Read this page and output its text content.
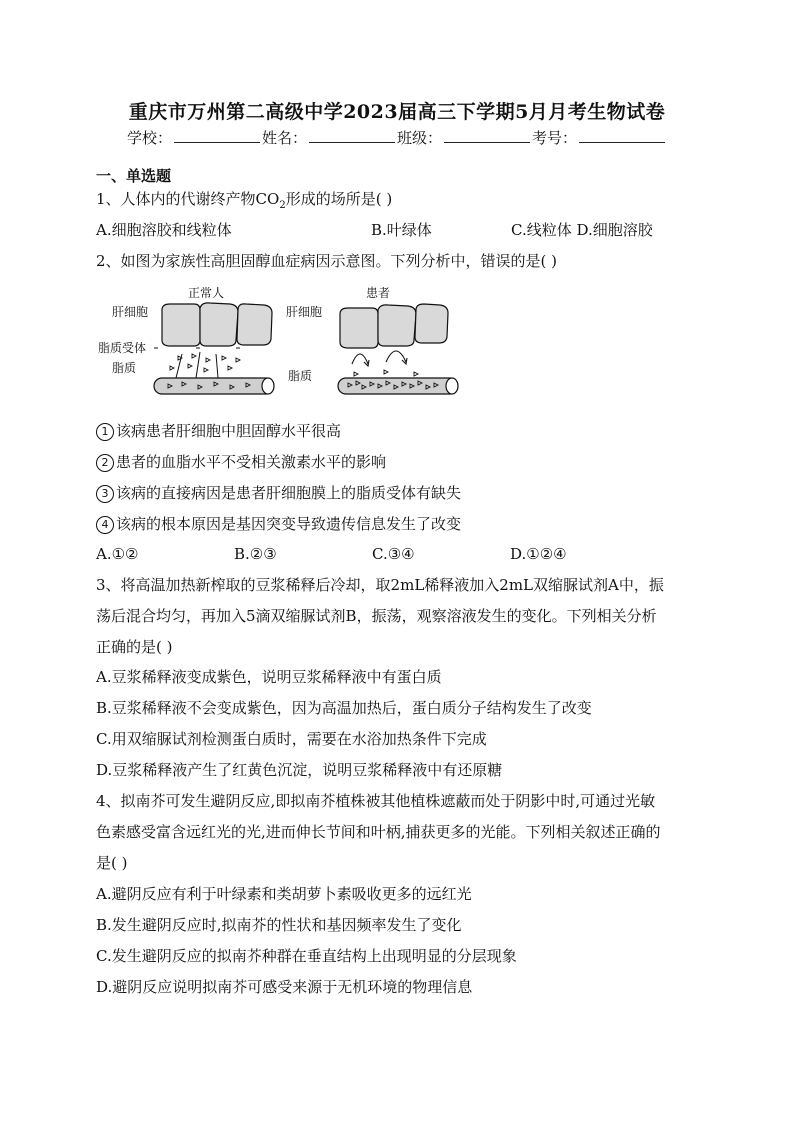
重庆市万州第二高级中学2023届高三下学期5月月考生物试卷
学校：	姓名：	班级：	考号：
一、单选题
1、人体内的代谢终产物$CO_2$形成的场所是( )
A.细胞溶胶和线粒体	B.叶绿体	C.线粒体 D.细胞溶胶
2、如图为家族性高胆固醇血症病因示意图。下列分析中，错误的是( )
正常人
肝细胞
脂质受体
脂质
患者
肝细胞
脂质
1 该病患者肝细胞中胆固醇水平很高
2 患者的血脂水平不受相关激素水平的影响
3 该病的直接病因是患者肝细胞膜上的脂质受体有缺失
4 该病的根本原因是基因突变导致遗传信息发生了改变
A.①②	B.②③	C.③④	D.①②④
3、将高温加热新榨取的豆浆稀释后冷却，取2mL稀释液加入2mL双缩脲试剂A中，振
荡后混合均匀，再加入5滴双缩脲试剂B，振荡，观察溶液发生的变化。下列相关分析
正确的是( )
A.豆浆稀释液变成紫色，说明豆浆稀释液中有蛋白质
B.豆浆稀释液不会变成紫色，因为高温加热后，蛋白质分子结构发生了改变
C.用双缩脲试剂检测蛋白质时，需要在水浴加热条件下完成
D.豆浆稀释液产生了红黄色沉淀，说明豆浆稀释液中有还原糖
4、拟南芥可发生避阴反应,即拟南芥植株被其他植株遮蔽而处于阴影中时,可通过光敏
色素感受富含远红光的光,进而伸长节间和叶柄,捕获更多的光能。下列相关叙述正确的
是( )
A.避阴反应有利于叶绿素和类胡萝卜素吸收更多的远红光
B.发生避阴反应时,拟南芥的性状和基因频率发生了变化
C.发生避阴反应的拟南芥种群在垂直结构上出现明显的分层现象
D.避阴反应说明拟南芥可感受来源于无机环境的物理信息
